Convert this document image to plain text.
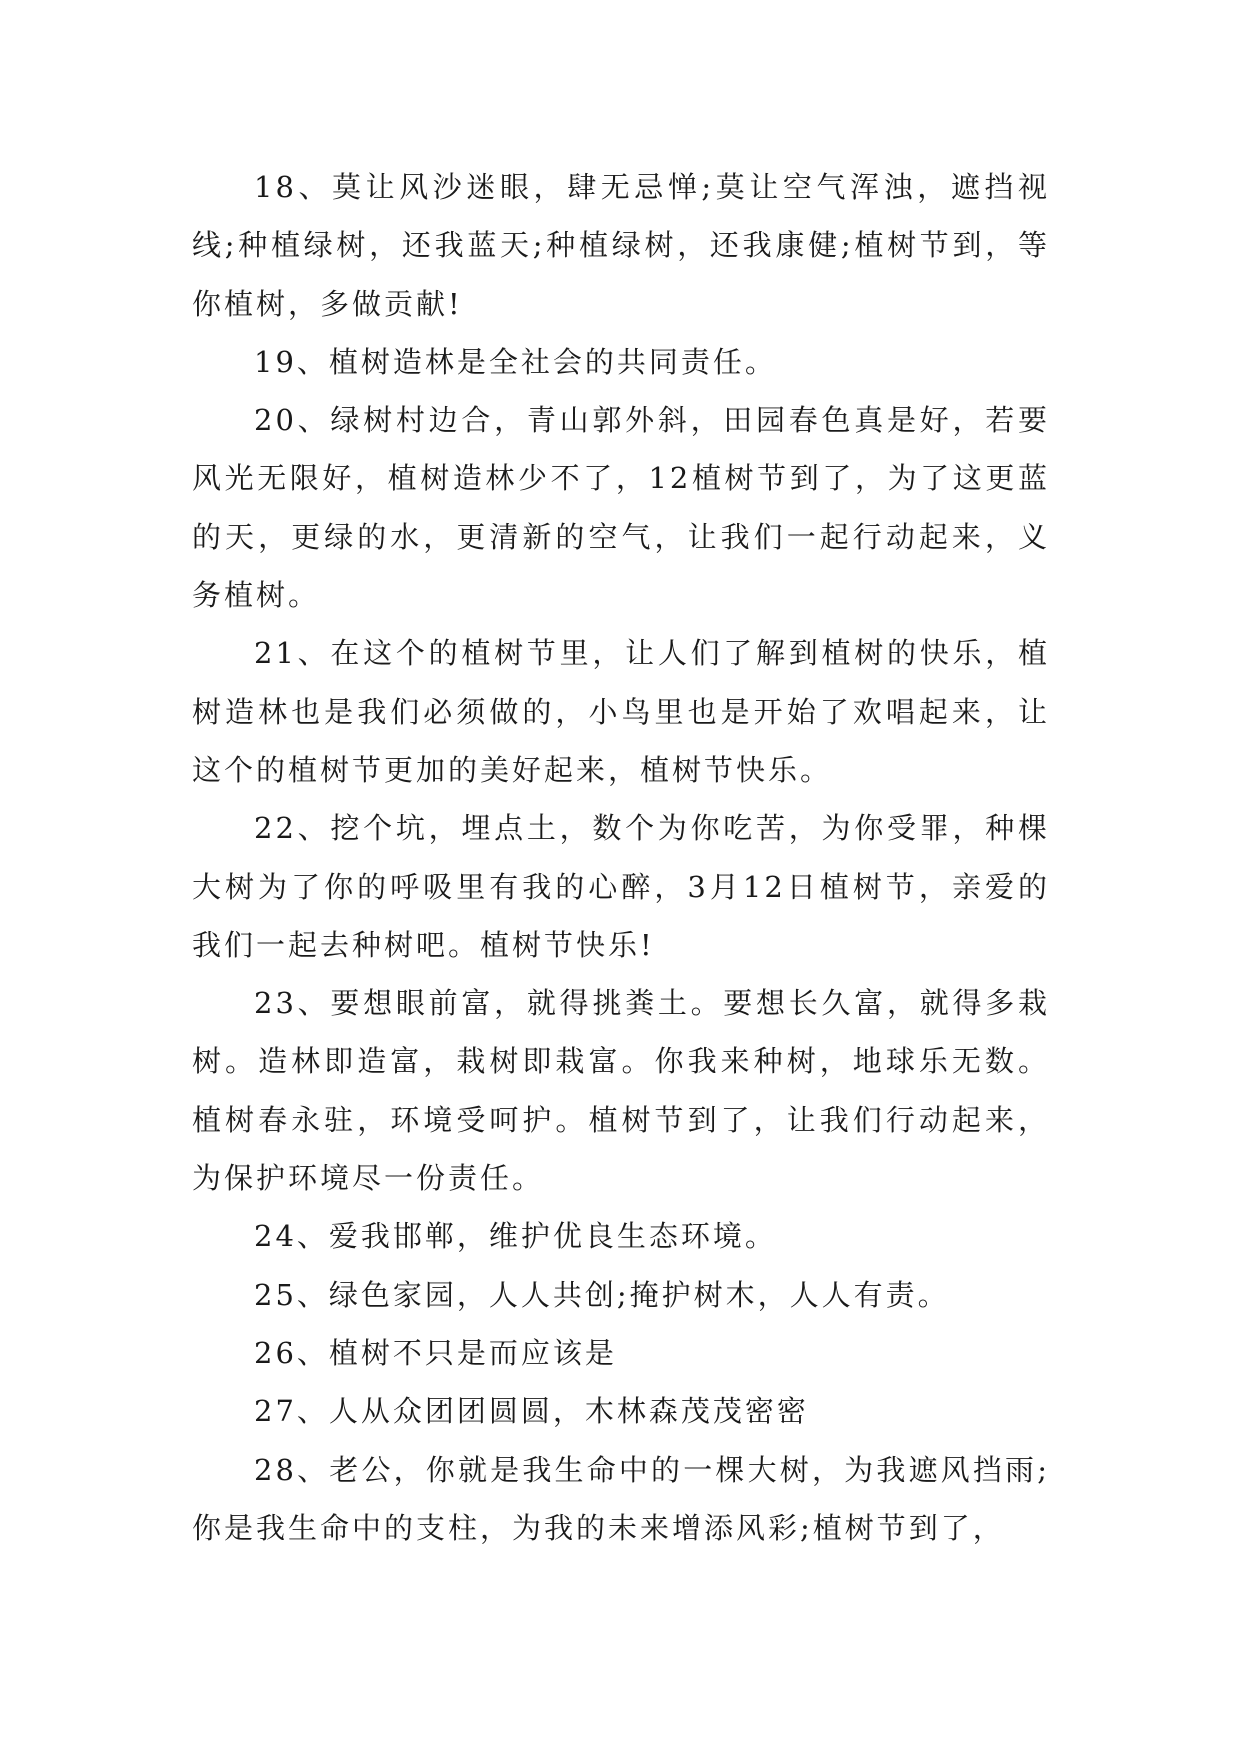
18、莫让风沙迷眼，肆无忌惮;莫让空气浑浊，遮挡视线;种植绿树，还我蓝天;种植绿树，还我康健;植树节到，等你植树，多做贡献!

19、植树造林是全社会的共同责任。

20、绿树村边合，青山郭外斜，田园春色真是好，若要风光无限好，植树造林少不了，12植树节到了，为了这更蓝的天，更绿的水，更清新的空气，让我们一起行动起来，义务植树。

21、在这个的植树节里，让人们了解到植树的快乐，植树造林也是我们必须做的，小鸟里也是开始了欢唱起来，让这个的植树节更加的美好起来，植树节快乐。

22、挖个坑，埋点土，数个为你吃苦，为你受罪，种棵大树为了你的呼吸里有我的心醉，3月12日植树节，亲爱的我们一起去种树吧。植树节快乐!

23、要想眼前富，就得挑粪土。要想长久富，就得多栽树。造林即造富，栽树即栽富。你我来种树，地球乐无数。植树春永驻，环境受呵护。植树节到了，让我们行动起来，为保护环境尽一份责任。

24、爱我邯郸，维护优良生态环境。

25、绿色家园，人人共创;掩护树木，人人有责。

26、植树不只是而应该是

27、人从众团团圆圆，木林森茂茂密密

28、老公，你就是我生命中的一棵大树，为我遮风挡雨;你是我生命中的支柱，为我的未来增添风彩;植树节到了，
